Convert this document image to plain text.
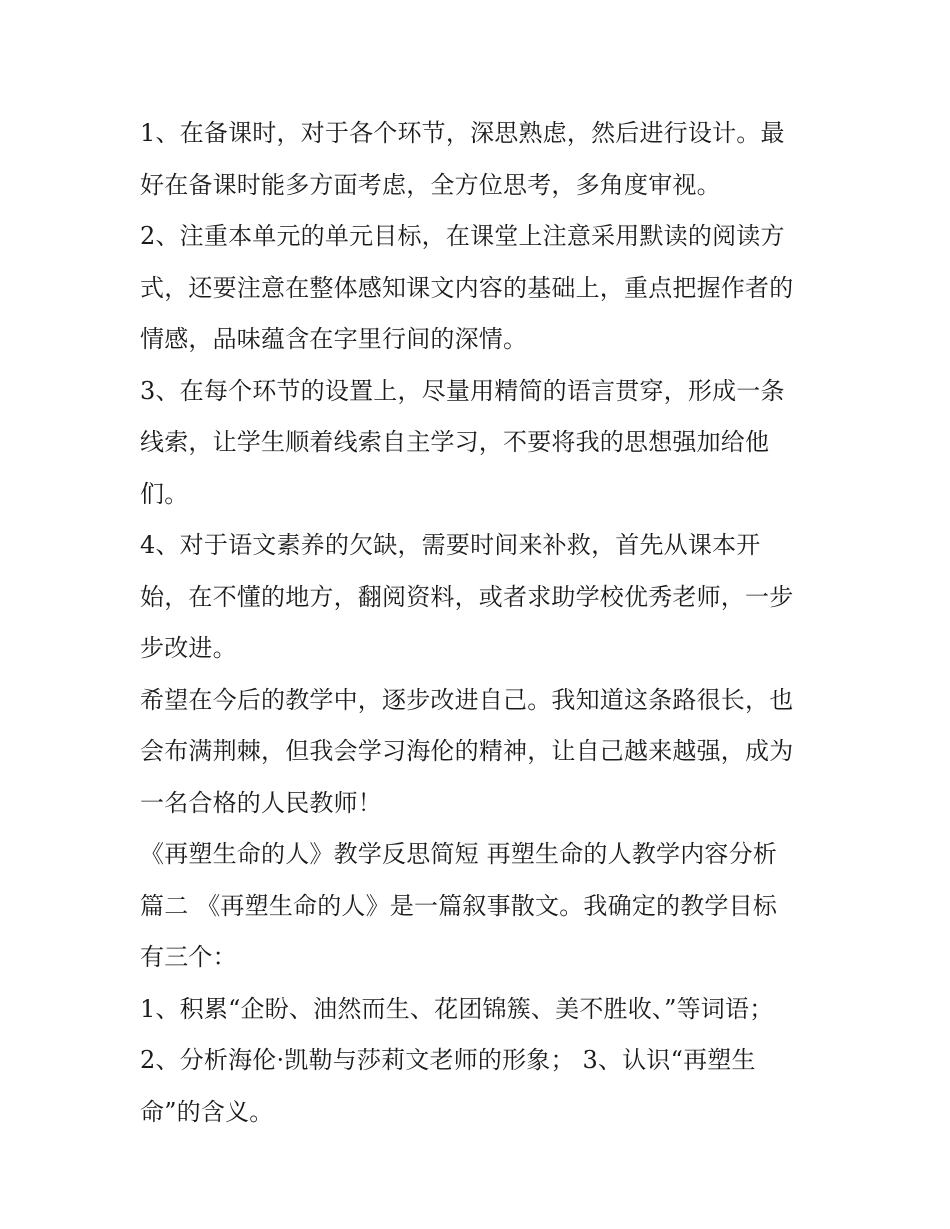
1、在备课时，对于各个环节，深思熟虑，然后进行设计。最
好在备课时能多方面考虑，全方位思考，多角度审视。
2、注重本单元的单元目标，在课堂上注意采用默读的阅读方
式，还要注意在整体感知课文内容的基础上，重点把握作者的
情感，品味蕴含在字里行间的深情。
3、在每个环节的设置上，尽量用精简的语言贯穿，形成一条
线索，让学生顺着线索自主学习，不要将我的思想强加给他
们。
4、对于语文素养的欠缺，需要时间来补救，首先从课本开
始，在不懂的地方，翻阅资料，或者求助学校优秀老师，一步
步改进。
希望在今后的教学中，逐步改进自己。我知道这条路很长，也
会布满荆棘，但我会学习海伦的精神，让自己越来越强，成为
一名合格的人民教师！
《再塑生命的人》教学反思简短 再塑生命的人教学内容分析
篇二 《再塑生命的人》是一篇叙事散文。我确定的教学目标
有三个：
1、积累“企盼、油然而生、花团锦簇、美不胜收、”等词语；
2、分析海伦·凯勒与莎莉文老师的形象； 3、认识“再塑生
命”的含义。
